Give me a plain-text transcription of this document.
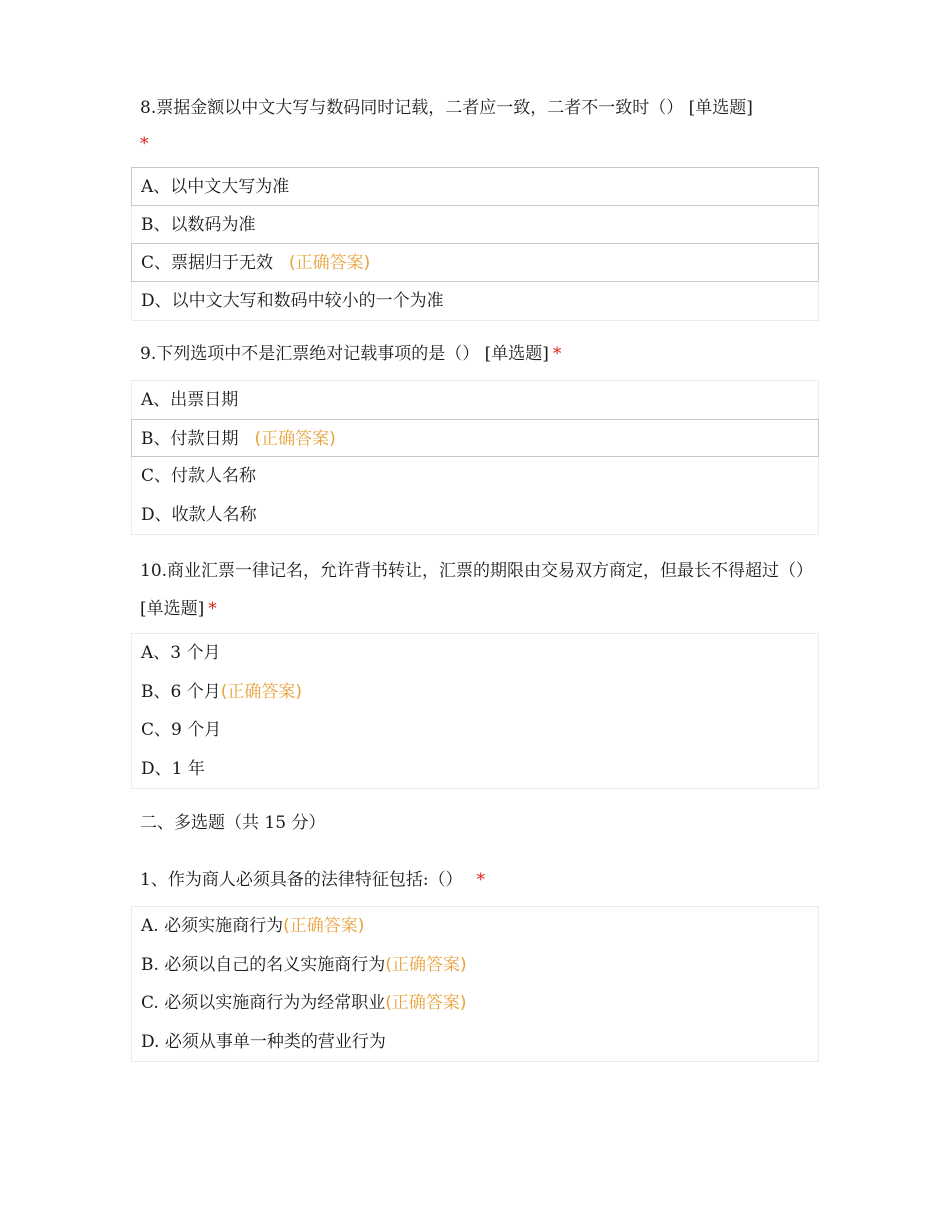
8.票据金额以中文大写与数码同时记载，二者应一致，二者不一致时（） [单选题]
*
A、以中文大写为准
B、以数码为准
C、票据归于无效 (正确答案)
D、以中文大写和数码中较小的一个为准
9.下列选项中不是汇票绝对记载事项的是（） [单选题] *
A、出票日期
B、付款日期 (正确答案)
C、付款人名称
D、收款人名称
10.商业汇票一律记名，允许背书转让，汇票的期限由交易双方商定，但最长不得超过（） [单选题] *
A、3 个月
B、6 个月(正确答案)
C、9 个月
D、1 年
二、多选题（共 15 分）
1、作为商人必须具备的法律特征包括:（） *
A. 必须实施商行为(正确答案)
B. 必须以自己的名义实施商行为(正确答案)
C. 必须以实施商行为为经常职业(正确答案)
D. 必须从事单一种类的营业行为
